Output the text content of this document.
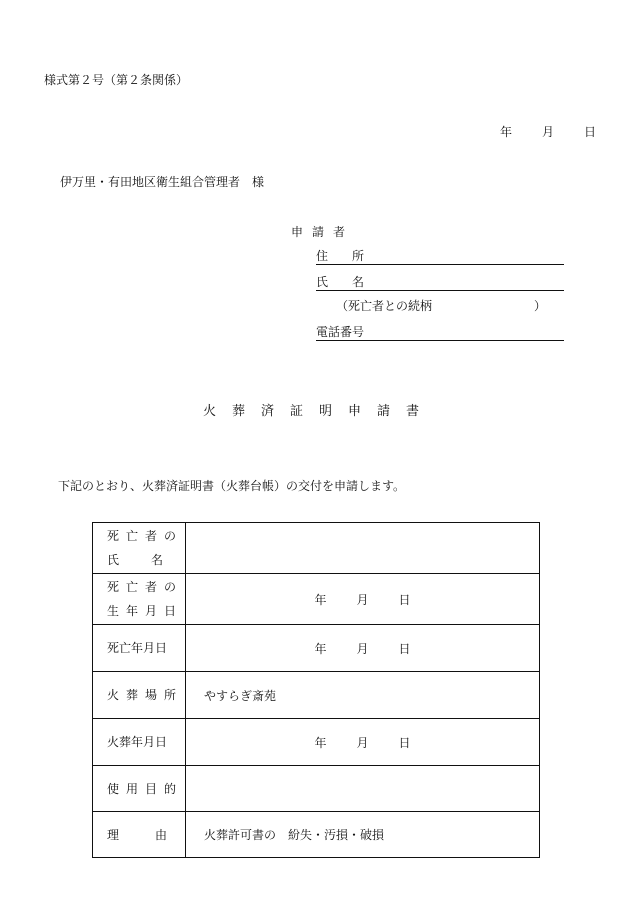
様式第２号（第２条関係）
年	月	日
伊万里・有田地区衛生組合管理者　様
申請者
住　　所
氏　　名
（死亡者との続柄	）
電話番号
火葬済証明申請書
下記のとおり、火葬済証明書（火葬台帳）の交付を申請します。
死亡者の
氏 名	

死亡者の
生年月日	年 月 日

死亡年月日	年 月 日

火葬場所	やすらぎ斎苑

火葬年月日	年 月 日

使用目的	

理 由	火葬許可書の　紛失・汚損・破損
